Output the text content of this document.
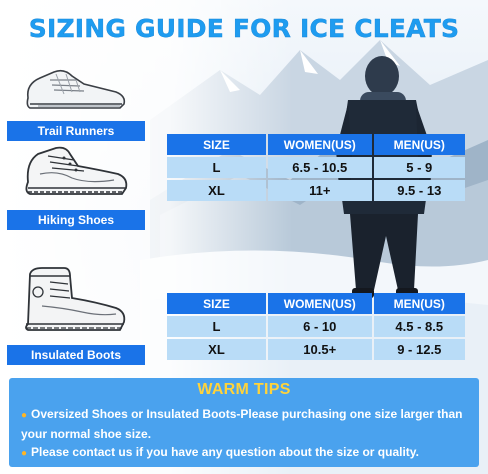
SIZING GUIDE FOR ICE CLEATS
Trail Runners
Hiking Shoes
Insulated Boots
SIZE	WOMEN(US)	MEN(US)
L	6.5 - 10.5	5 - 9
XL	11+	9.5 - 13
SIZE	WOMEN(US)	MEN(US)
L	6 - 10	4.5 - 8.5
XL	10.5+	9 - 12.5
WARM TIPS
● Oversized Shoes or Insulated Boots-Please purchasing one size larger than your normal shoe size.
● Please contact us if you have any question about the size or quality.
